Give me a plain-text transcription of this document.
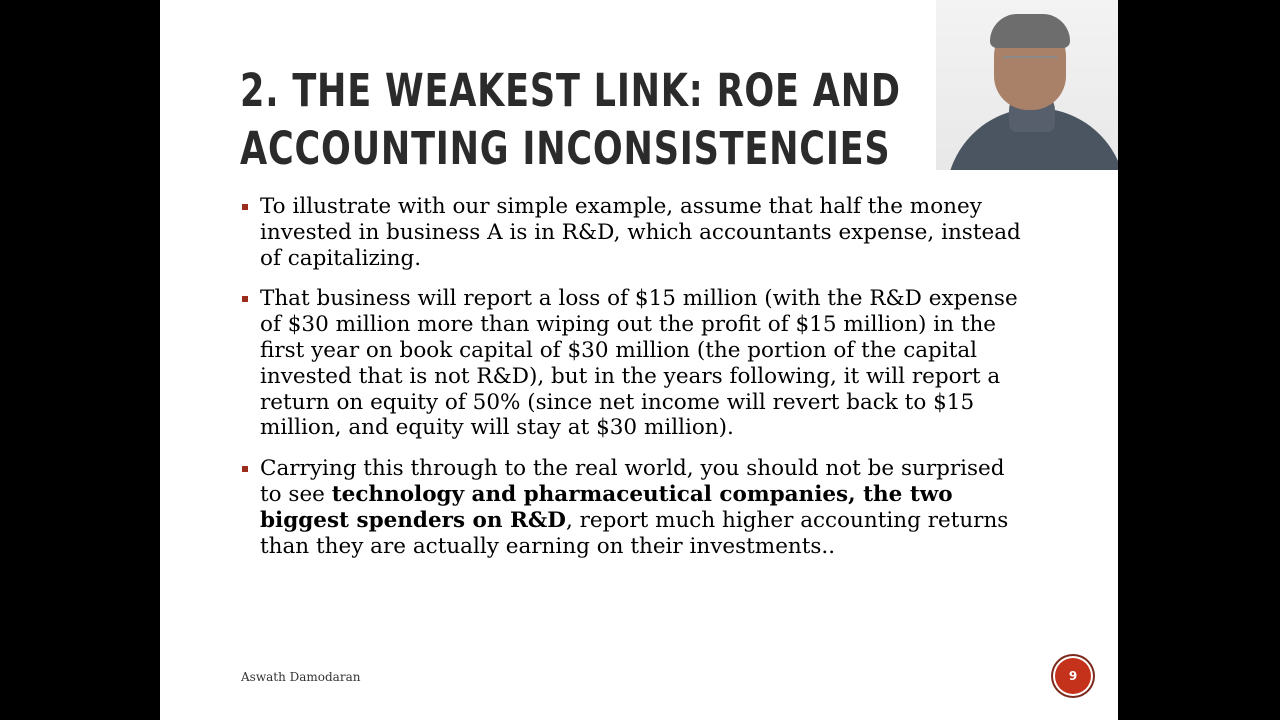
2. THE WEAKEST LINK: ROE AND
ACCOUNTING INCONSISTENCIES
To illustrate with our simple example, assume that half the money invested in business A is in R&D, which accountants expense, instead of capitalizing.
That business will report a loss of $15 million (with the R&D expense of $30 million more than wiping out the profit of $15 million) in the first year on book capital of $30 million (the portion of the capital invested that is not R&D), but in the years following, it will report a return on equity of 50% (since net income will revert back to $15 million, and equity will stay at $30 million).
Carrying this through to the real world, you should not be surprised to see technology and pharmaceutical companies, the two biggest spenders on R&D, report much higher accounting returns than they are actually earning on their investments..
Aswath Damodaran	9
